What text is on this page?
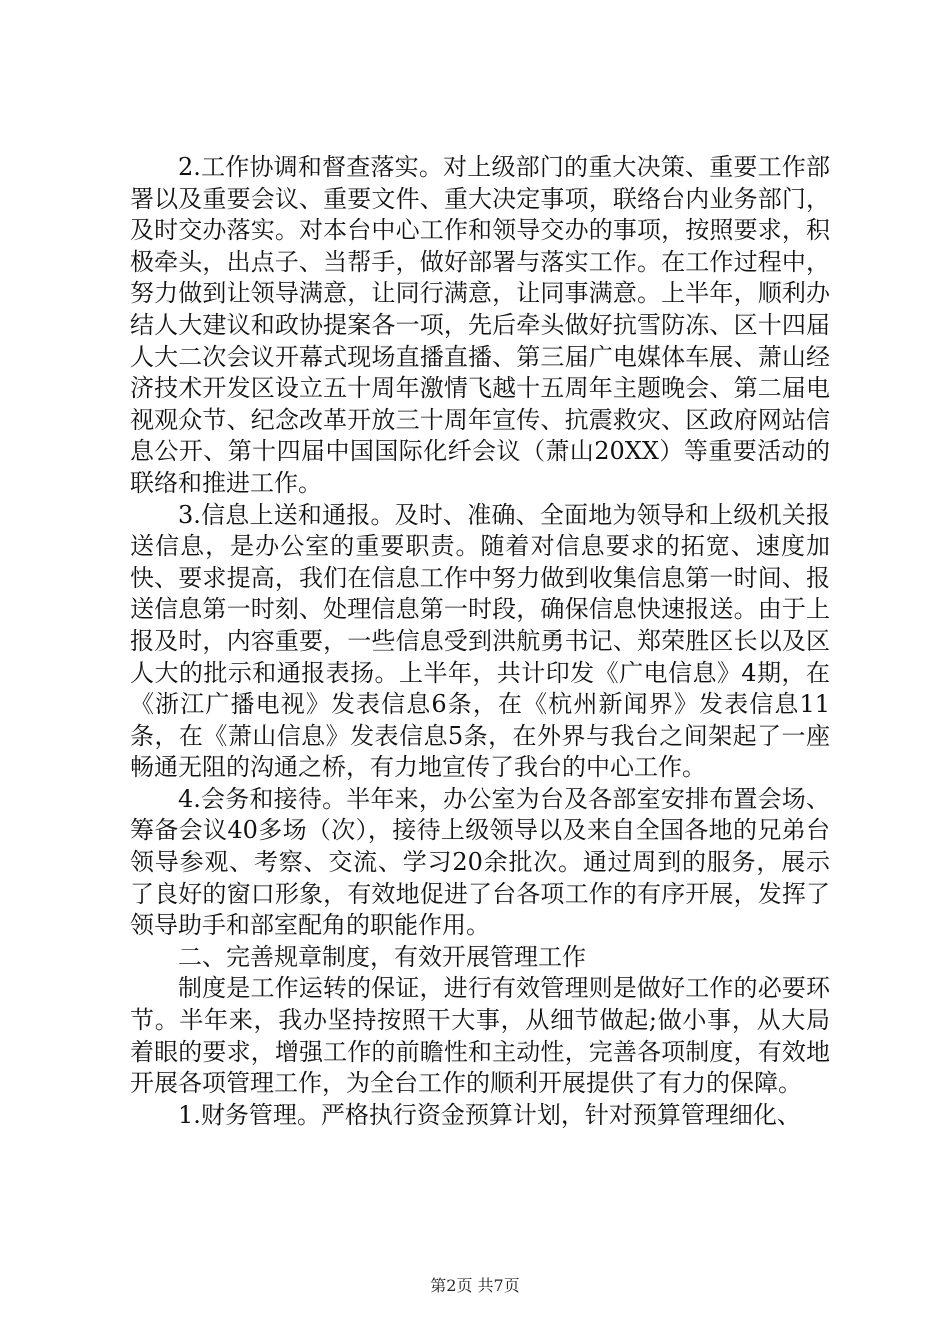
2.工作协调和督查落实。对上级部门的重大决策、重要工作部署以及重要会议、重要文件、重大决定事项，联络台内业务部门，及时交办落实。对本台中心工作和领导交办的事项，按照要求，积极牵头，出点子、当帮手，做好部署与落实工作。在工作过程中，努力做到让领导满意，让同行满意，让同事满意。上半年，顺利办结人大建议和政协提案各一项，先后牵头做好抗雪防冻、区十四届人大二次会议开幕式现场直播直播、第三届广电媒体车展、萧山经济技术开发区设立五十周年激情飞越十五周年主题晚会、第二届电视观众节、纪念改革开放三十周年宣传、抗震救灾、区政府网站信息公开、第十四届中国国际化纤会议（萧山20XX）等重要活动的联络和推进工作。

3.信息上送和通报。及时、准确、全面地为领导和上级机关报送信息，是办公室的重要职责。随着对信息要求的拓宽、速度加快、要求提高，我们在信息工作中努力做到收集信息第一时间、报送信息第一时刻、处理信息第一时段，确保信息快速报送。由于上报及时，内容重要，一些信息受到洪航勇书记、郑荣胜区长以及区人大的批示和通报表扬。上半年，共计印发《广电信息》4期，在《浙江广播电视》发表信息6条，在《杭州新闻界》发表信息11条，在《萧山信息》发表信息5条，在外界与我台之间架起了一座畅通无阻的沟通之桥，有力地宣传了我台的中心工作。

4.会务和接待。半年来，办公室为台及各部室安排布置会场、筹备会议40多场（次），接待上级领导以及来自全国各地的兄弟台领导参观、考察、交流、学习20余批次。通过周到的服务，展示了良好的窗口形象，有效地促进了台各项工作的有序开展，发挥了领导助手和部室配角的职能作用。

二、完善规章制度，有效开展管理工作

制度是工作运转的保证，进行有效管理则是做好工作的必要环节。半年来，我办坚持按照干大事，从细节做起;做小事，从大局着眼的要求，增强工作的前瞻性和主动性，完善各项制度，有效地开展各项管理工作，为全台工作的顺利开展提供了有力的保障。

1.财务管理。严格执行资金预算计划，针对预算管理细化、

第2页 共7页
